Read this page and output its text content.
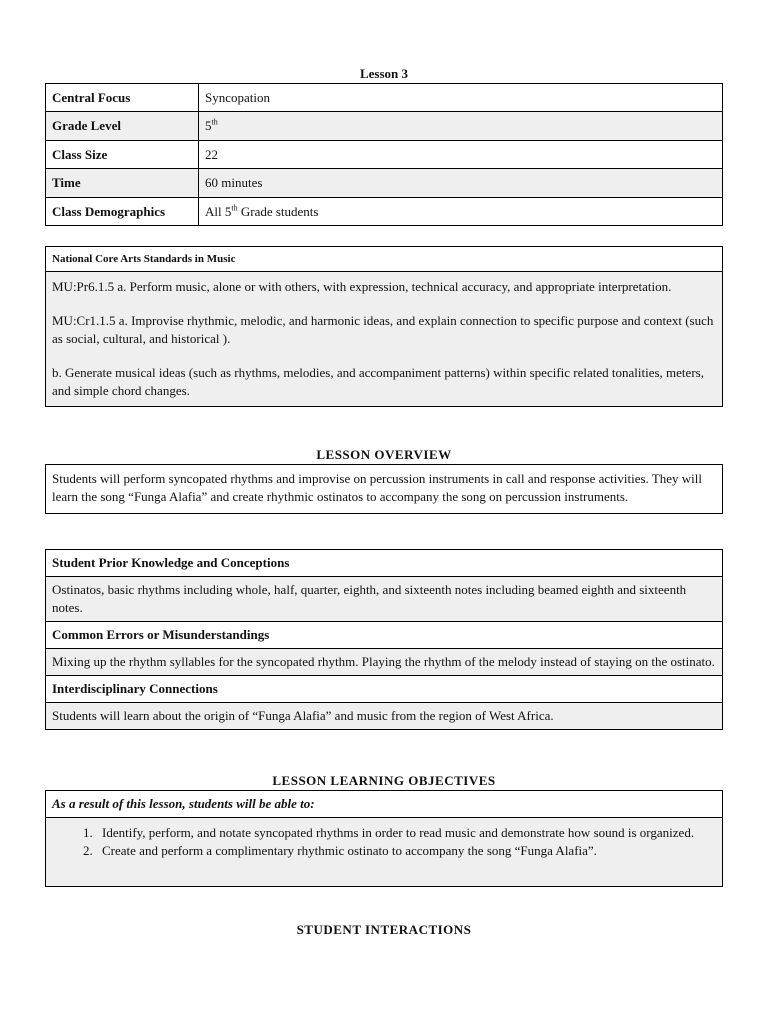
Lesson 3
Central Focus	Syncopation
Grade Level	5th
Class Size	22
Time	60 minutes
Class Demographics	All 5th Grade students
National Core Arts Standards in Music

MU:Pr6.1.5 a. Perform music, alone or with others, with expression, technical accuracy, and appropriate interpretation.

MU:Cr1.1.5 a. Improvise rhythmic, melodic, and harmonic ideas, and explain connection to specific purpose and context (such as social, cultural, and historical ).

b. Generate musical ideas (such as rhythms, melodies, and accompaniment patterns) within specific related tonalities, meters, and simple chord changes.

LESSON OVERVIEW
Students will perform syncopated rhythms and improvise on percussion instruments in call and response activities. They will learn the song “Funga Alafia” and create rhythmic ostinatos to accompany the song on percussion instruments.
Student Prior Knowledge and Conceptions
Ostinatos, basic rhythms including whole, half, quarter, eighth, and sixteenth notes including beamed eighth and sixteenth notes.
Common Errors or Misunderstandings
Mixing up the rhythm syllables for the syncopated rhythm. Playing the rhythm of the melody instead of staying on the ostinato.
Interdisciplinary Connections
Students will learn about the origin of “Funga Alafia” and music from the region of West Africa.
LESSON LEARNING OBJECTIVES
As a result of this lesson, students will be able to:
1. Identify, perform, and notate syncopated rhythms in order to read music and demonstrate how sound is organized.
2. Create and perform a complimentary rhythmic ostinato to accompany the song “Funga Alafia”.
STUDENT INTERACTIONS
